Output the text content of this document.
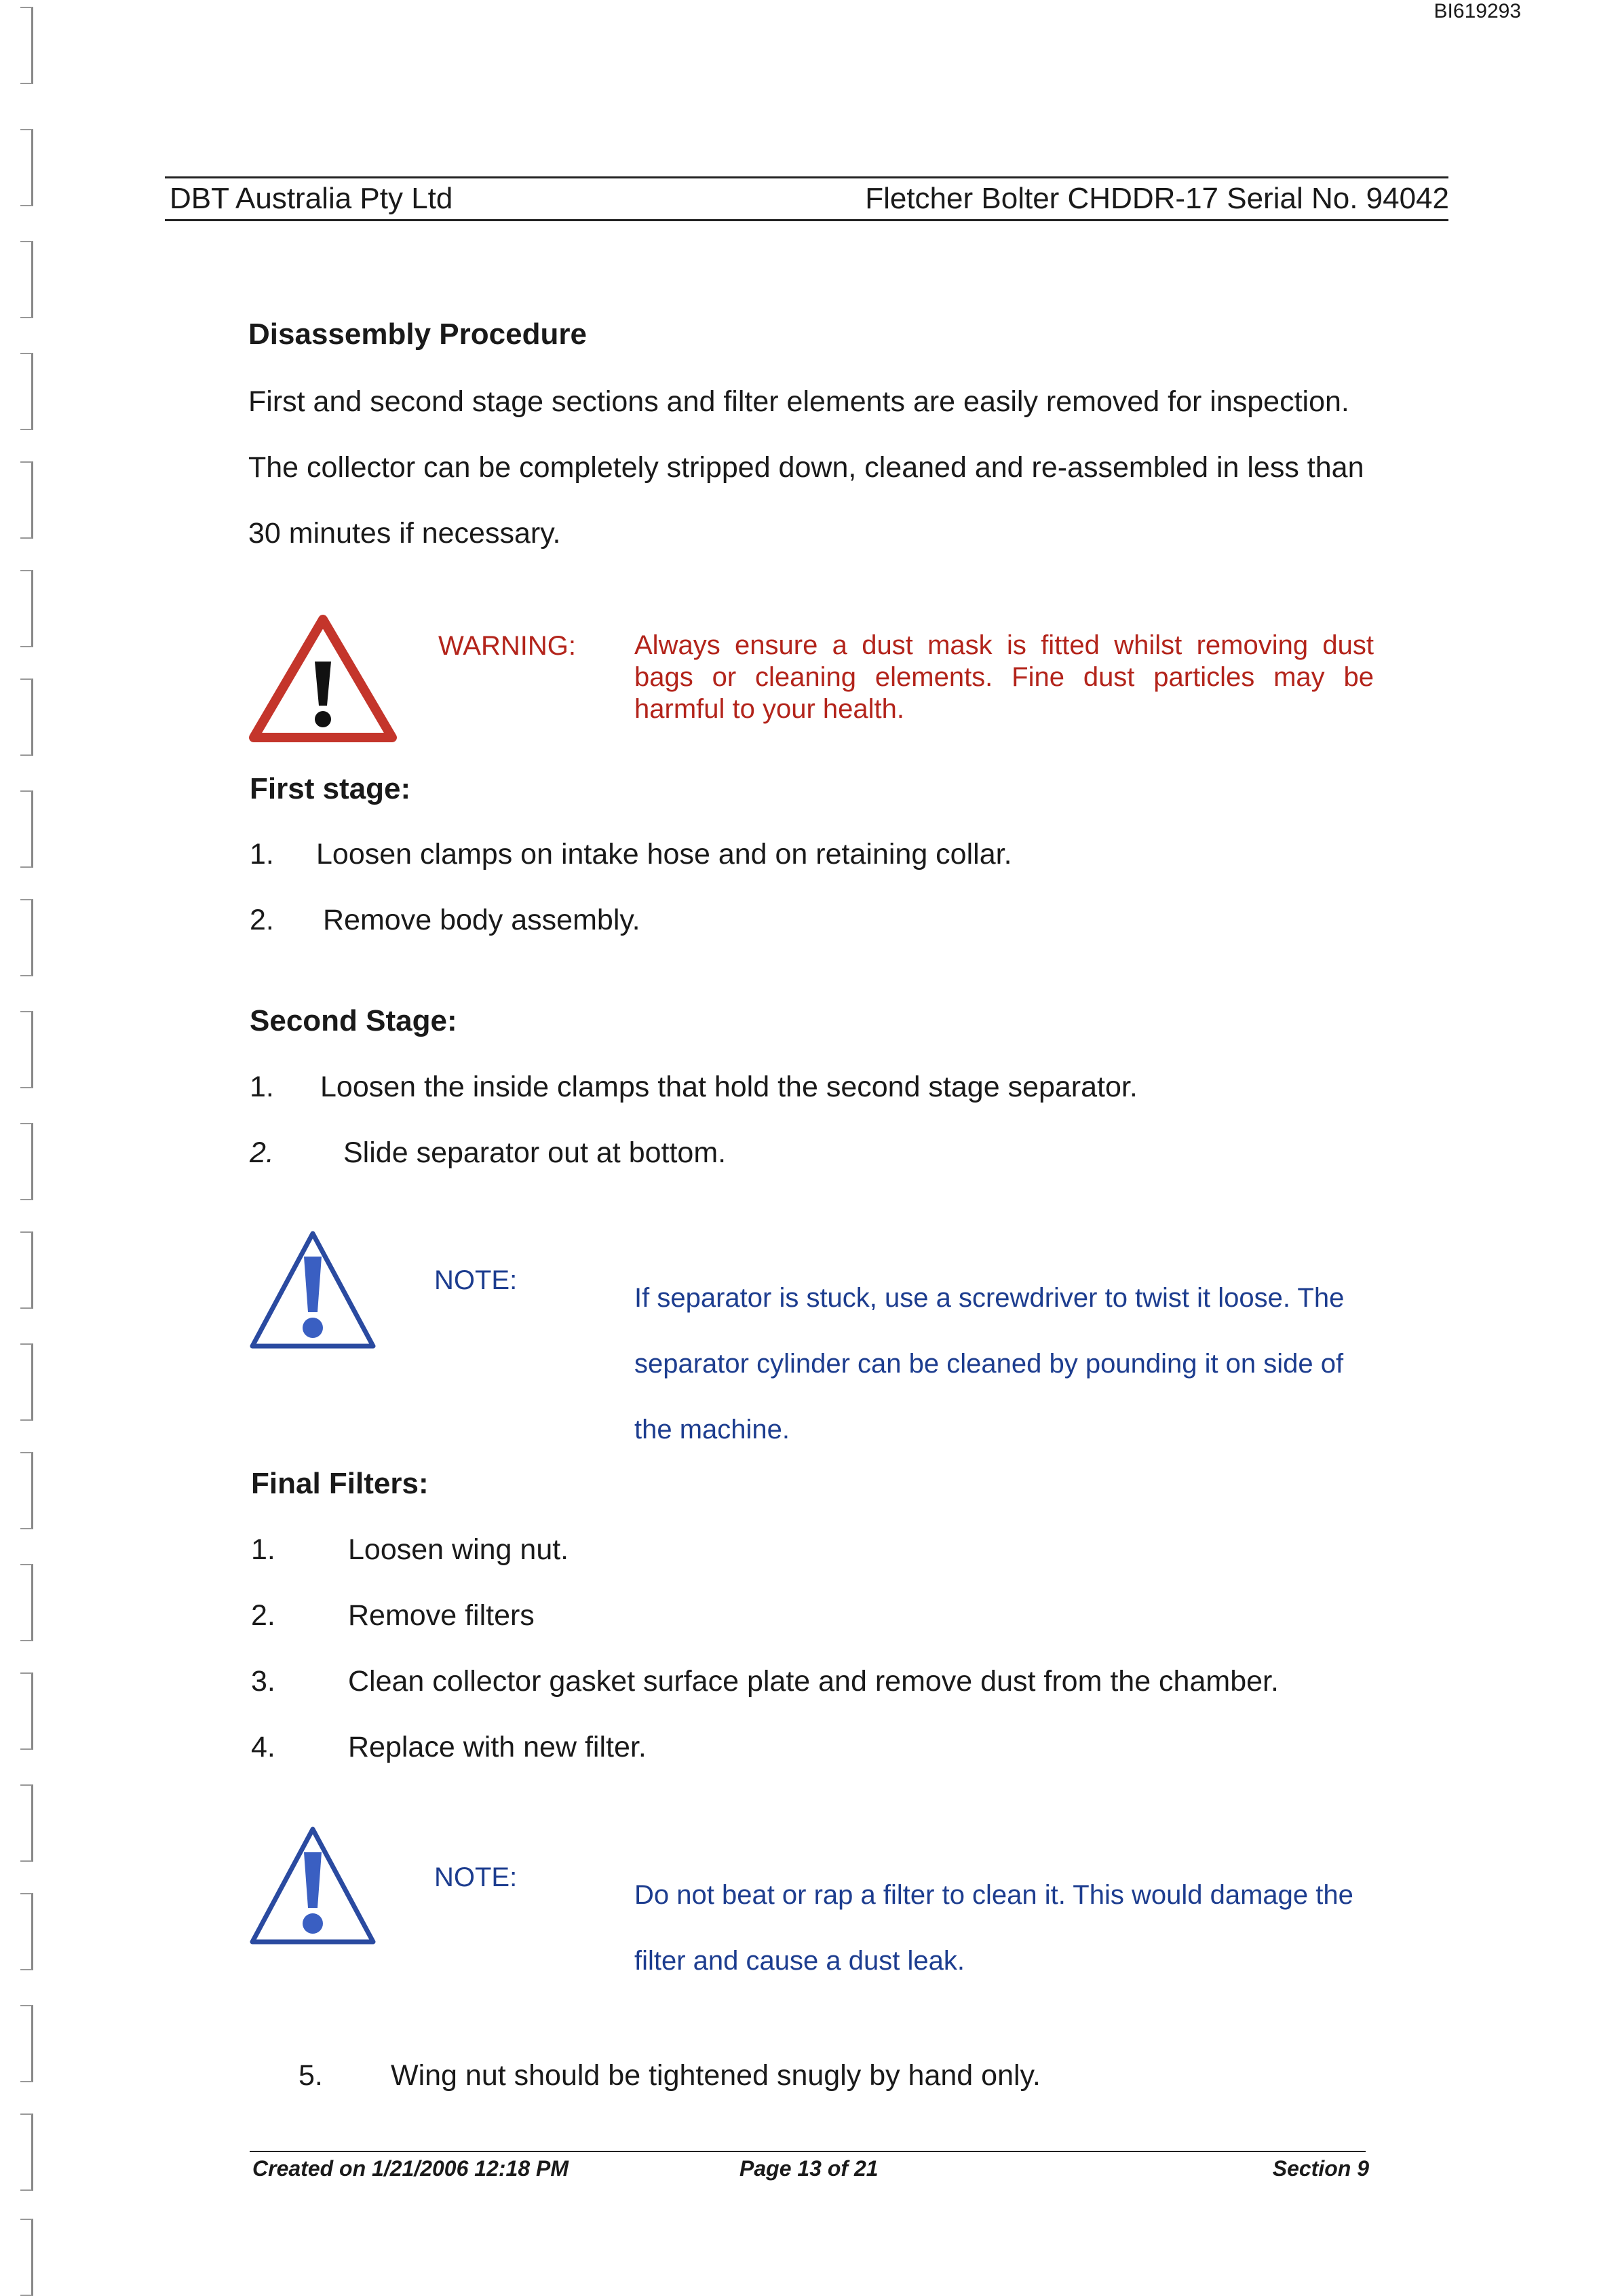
BI619293
DBT Australia Pty Ltd	Fletcher Bolter CHDDR-17 Serial No. 94042
Disassembly Procedure
First and second stage sections and filter elements are easily removed for inspection.
The collector can be completely stripped down, cleaned and re-assembled in less than
30 minutes if necessary.
WARNING: Always ensure a dust mask is fitted whilst removing dust bags or cleaning elements. Fine dust particles may be harmful to your health.
First stage:
1. Loosen clamps on intake hose and on retaining collar.
2. Remove body assembly.
Second Stage:
1. Loosen the inside clamps that hold the second stage separator.
2. Slide separator out at bottom.
NOTE:
If separator is stuck, use a screwdriver to twist it loose. The
separator cylinder can be cleaned by pounding it on side of
the machine.
Final Filters:
1. Loosen wing nut.
2. Remove filters
3. Clean collector gasket surface plate and remove dust from the chamber.
4. Replace with new filter.
NOTE:
Do not beat or rap a filter to clean it. This would damage the
filter and cause a dust leak.
5. Wing nut should be tightened snugly by hand only.
Created on 1/21/2006 12:18 PM	Page 13 of 21	Section 9
